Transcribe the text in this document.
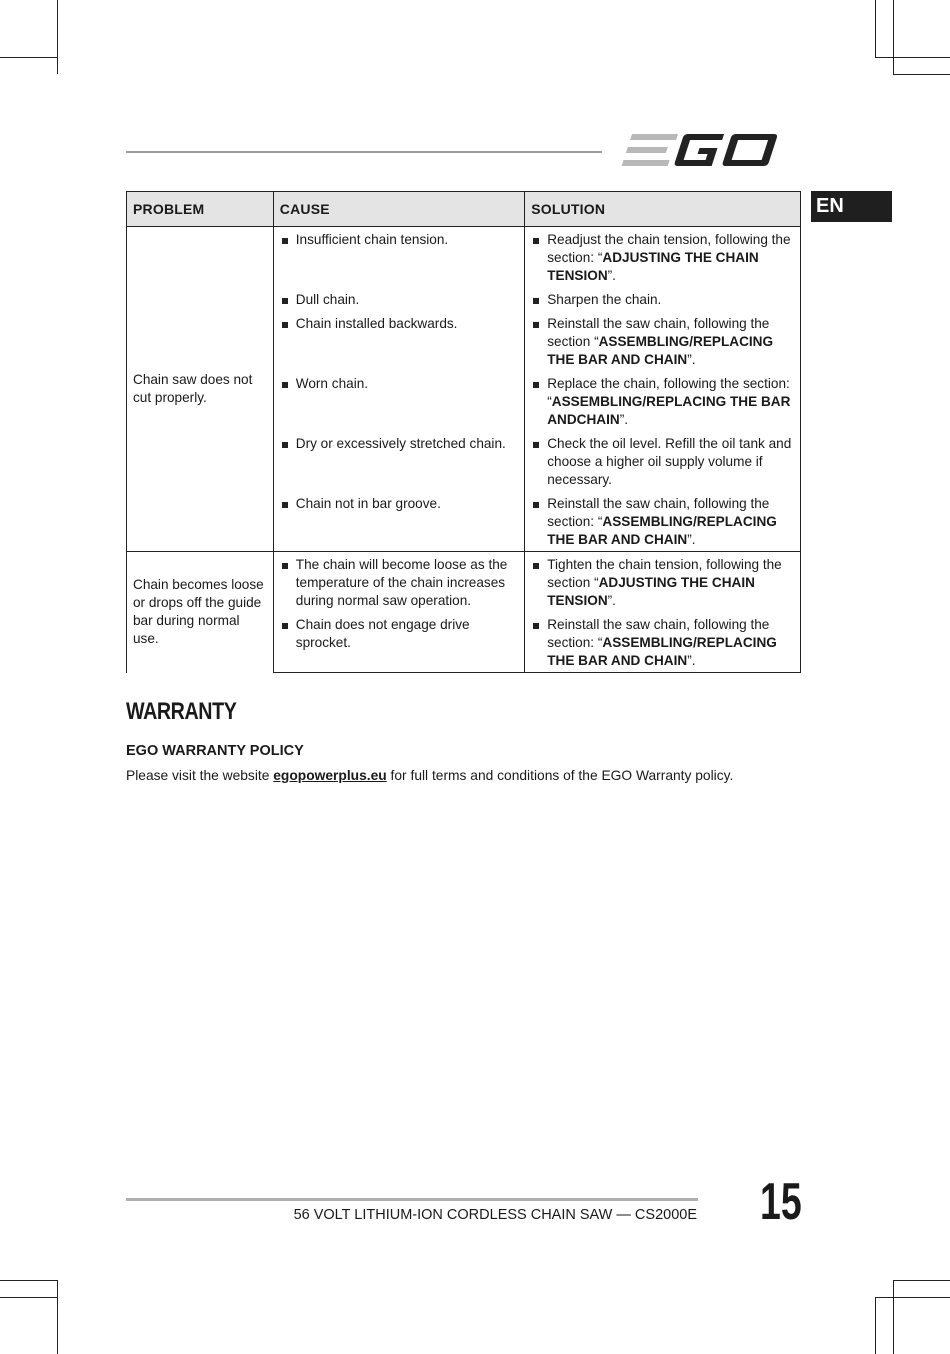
EN
PROBLEM	CAUSE	SOLUTION
Chain saw does not cut properly.	Insufficient chain tension.	Readjust the chain tension, following the section: “ADJUSTING THE CHAIN TENSION”.

	Dull chain.	Sharpen the chain.

	Chain installed backwards.	Reinstall the saw chain, following the section “ASSEMBLING/REPLACING THE BAR AND CHAIN”.

	Worn chain.	Replace the chain, following the section: “ASSEMBLING/REPLACING THE BAR ANDCHAIN”.

	Dry or excessively stretched chain.	Check the oil level. Refill the oil tank and choose a higher oil supply volume if necessary.

	Chain not in bar groove.	Reinstall the saw chain, following the section: “ASSEMBLING/REPLACING THE BAR AND CHAIN”.

Chain becomes loose or drops off the guide bar during normal use.	The chain will become loose as the temperature of the chain increases during normal saw operation.	Tighten the chain tension, following the section “ADJUSTING THE CHAIN TENSION”.

	Chain does not engage drive sprocket.	Reinstall the saw chain, following the section: “ASSEMBLING/REPLACING THE BAR AND CHAIN”.
WARRANTY
EGO WARRANTY POLICY
Please visit the website egopowerplus.eu for full terms and conditions of the EGO Warranty policy.
56 VOLT LITHIUM-ION CORDLESS CHAIN SAW — CS2000E 15
